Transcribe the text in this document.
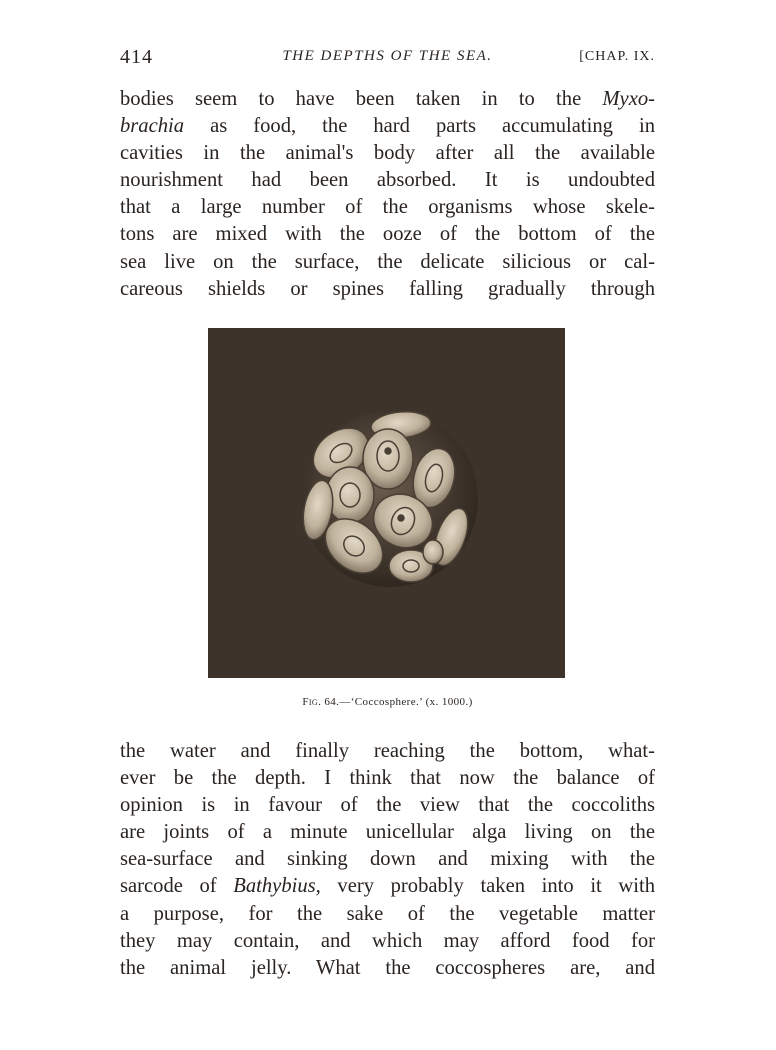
414	THE DEPTHS OF THE SEA.	[CHAP. IX.
bodies seem to have been taken in to the Myxo-
brachia as food, the hard parts accumulating in
cavities in the animal's body after all the available
nourishment had been absorbed. It is undoubted
that a large number of the organisms whose skele-
tons are mixed with the ooze of the bottom of the
sea live on the surface, the delicate silicious or cal-
careous shields or spines falling gradually through
Fig. 64.—‘Coccosphere.’ (x. 1000.)
the water and finally reaching the bottom, what-
ever be the depth. I think that now the balance of
opinion is in favour of the view that the coccoliths
are joints of a minute unicellular alga living on the
sea-surface and sinking down and mixing with the
sarcode of Bathybius, very probably taken into it with
a purpose, for the sake of the vegetable matter
they may contain, and which may afford food for
the animal jelly. What the coccospheres are, and
